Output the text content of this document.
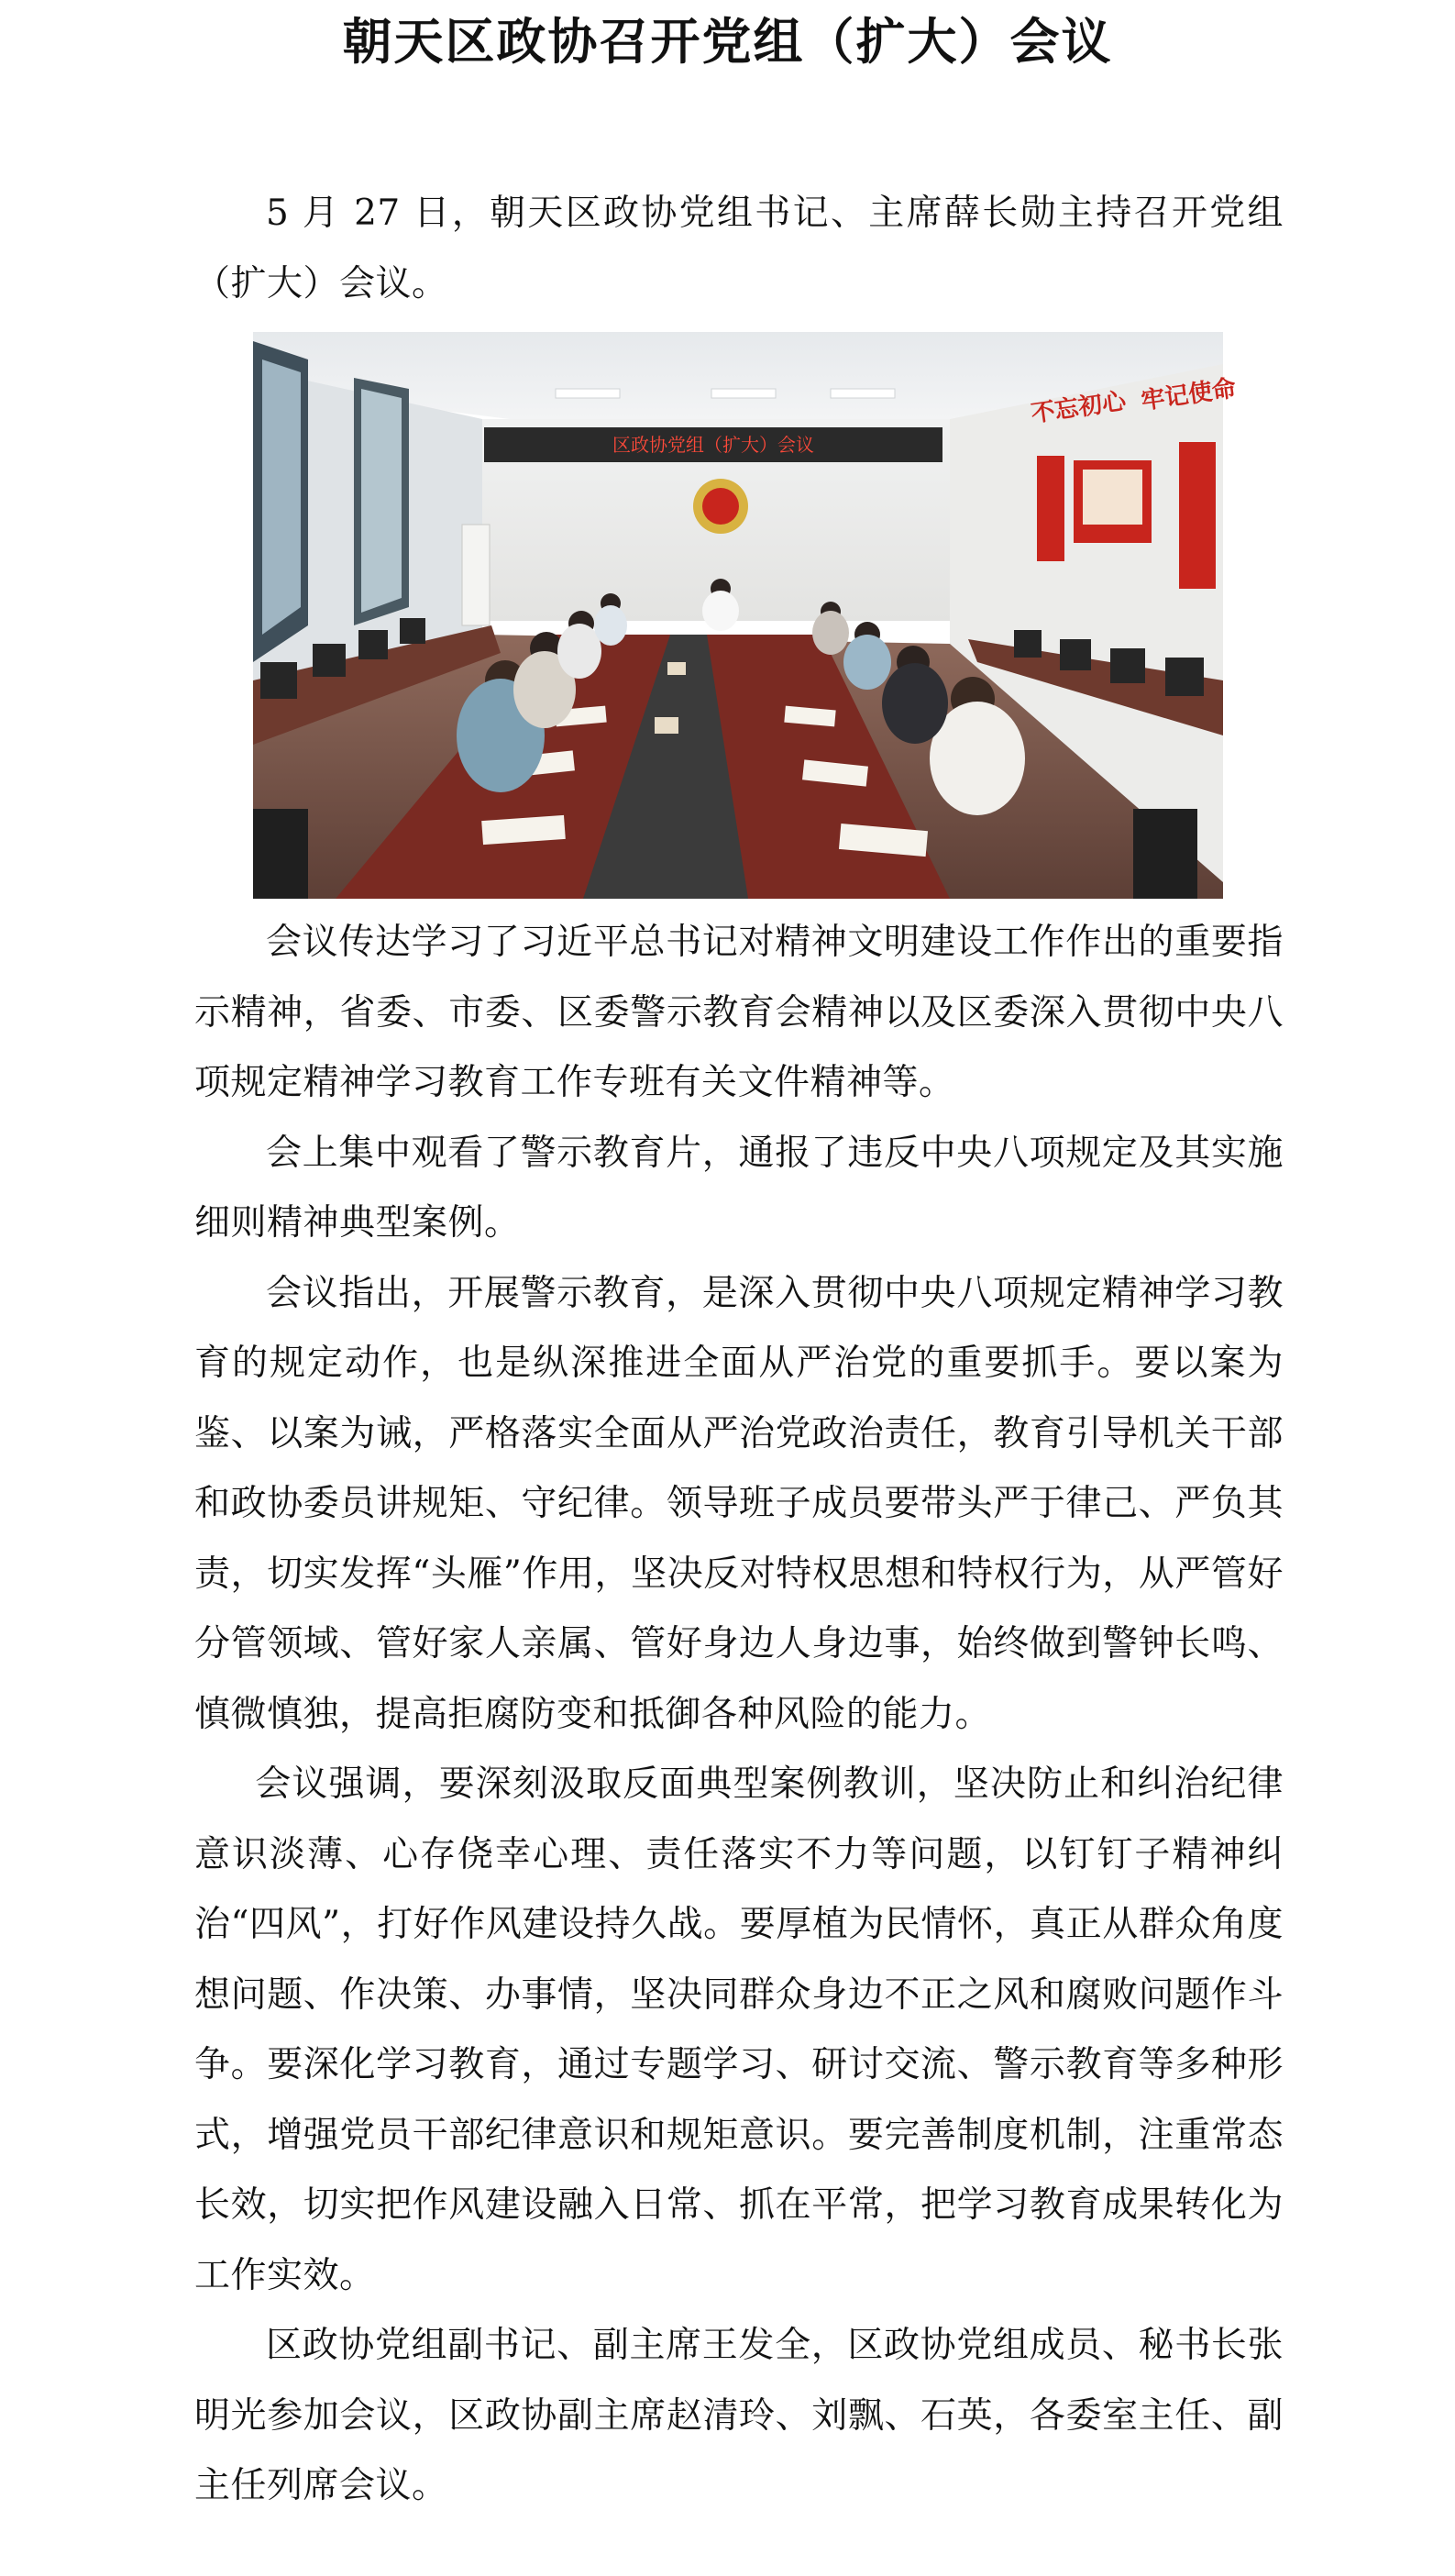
朝天区政协召开党组（扩大）会议

5 月 27 日，朝天区政协党组书记、主席薛长勋主持召开党组（扩大）会议。

区政协党组（扩大）会议
不忘初心 牢记使命

会议传达学习了习近平总书记对精神文明建设工作作出的重要指示精神，省委、市委、区委警示教育会精神以及区委深入贯彻中央八项规定精神学习教育工作专班有关文件精神等。

会上集中观看了警示教育片，通报了违反中央八项规定及其实施细则精神典型案例。

会议指出，开展警示教育，是深入贯彻中央八项规定精神学习教育的规定动作，也是纵深推进全面从严治党的重要抓手。要以案为鉴、以案为诫，严格落实全面从严治党政治责任，教育引导机关干部和政协委员讲规矩、守纪律。领导班子成员要带头严于律己、严负其责，切实发挥“头雁”作用，坚决反对特权思想和特权行为，从严管好分管领域、管好家人亲属、管好身边人身边事，始终做到警钟长鸣、慎微慎独，提高拒腐防变和抵御各种风险的能力。

会议强调，要深刻汲取反面典型案例教训，坚决防止和纠治纪律意识淡薄、心存侥幸心理、责任落实不力等问题，以钉钉子精神纠治“四风”，打好作风建设持久战。要厚植为民情怀，真正从群众角度想问题、作决策、办事情，坚决同群众身边不正之风和腐败问题作斗争。要深化学习教育，通过专题学习、研讨交流、警示教育等多种形式，增强党员干部纪律意识和规矩意识。要完善制度机制，注重常态长效，切实把作风建设融入日常、抓在平常，把学习教育成果转化为工作实效。

区政协党组副书记、副主席王发全，区政协党组成员、秘书长张明光参加会议，区政协副主席赵清玲、刘飘、石英，各委室主任、副主任列席会议。
